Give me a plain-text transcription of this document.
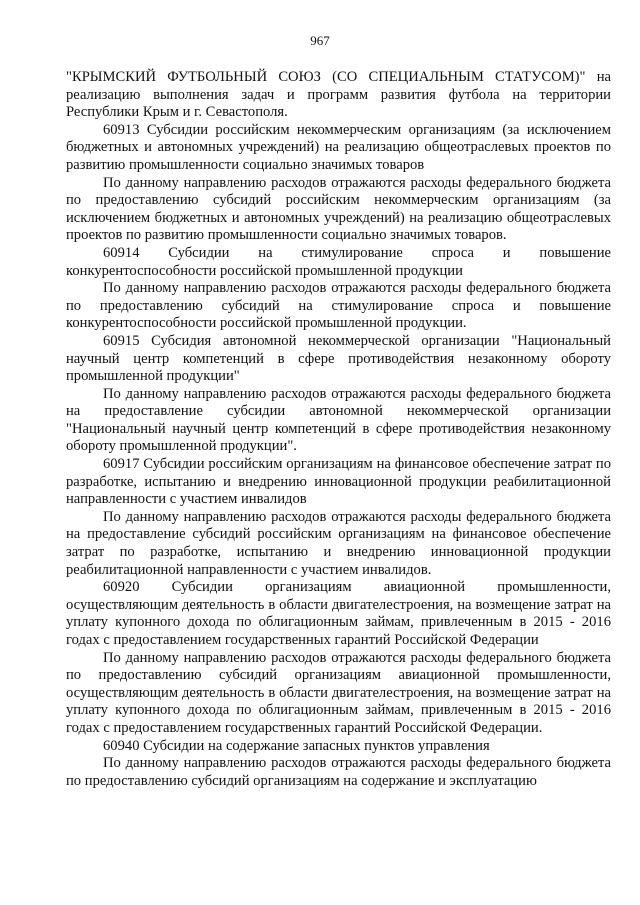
967

"КРЫМСКИЙ ФУТБОЛЬНЫЙ СОЮЗ (СО СПЕЦИАЛЬНЫМ СТАТУСОМ)" на реализацию выполнения задач и программ развития футбола на территории Республики Крым и г. Севастополя.

60913 Субсидии российским некоммерческим организациям (за исключением бюджетных и автономных учреждений) на реализацию общеотраслевых проектов по развитию промышленности социально значимых товаров

По данному направлению расходов отражаются расходы федерального бюджета по предоставлению субсидий российским некоммерческим организациям (за исключением бюджетных и автономных учреждений) на реализацию общеотраслевых проектов по развитию промышленности социально значимых товаров.

60914 Субсидии на стимулирование спроса и повышение конкурентоспособности российской промышленной продукции

По данному направлению расходов отражаются расходы федерального бюджета по предоставлению субсидий на стимулирование спроса и повышение конкурентоспособности российской промышленной продукции.

60915 Субсидия автономной некоммерческой организации "Национальный научный центр компетенций в сфере противодействия незаконному обороту промышленной продукции"

По данному направлению расходов отражаются расходы федерального бюджета на предоставление субсидии автономной некоммерческой организации "Национальный научный центр компетенций в сфере противодействия незаконному обороту промышленной продукции".

60917 Субсидии российским организациям на финансовое обеспечение затрат по разработке, испытанию и внедрению инновационной продукции реабилитационной направленности с участием инвалидов

По данному направлению расходов отражаются расходы федерального бюджета на предоставление субсидий российским организациям на финансовое обеспечение затрат по разработке, испытанию и внедрению инновационной продукции реабилитационной направленности с участием инвалидов.

60920 Субсидии организациям авиационной промышленности, осуществляющим деятельность в области двигателестроения, на возмещение затрат на уплату купонного дохода по облигационным займам, привлеченным в 2015 - 2016 годах с предоставлением государственных гарантий Российской Федерации

По данному направлению расходов отражаются расходы федерального бюджета по предоставлению субсидий организациям авиационной промышленности, осуществляющим деятельность в области двигателестроения, на возмещение затрат на уплату купонного дохода по облигационным займам, привлеченным в 2015 - 2016 годах с предоставлением государственных гарантий Российской Федерации.

60940 Субсидии на содержание запасных пунктов управления

По данному направлению расходов отражаются расходы федерального бюджета по предоставлению субсидий организациям на содержание и эксплуатацию
